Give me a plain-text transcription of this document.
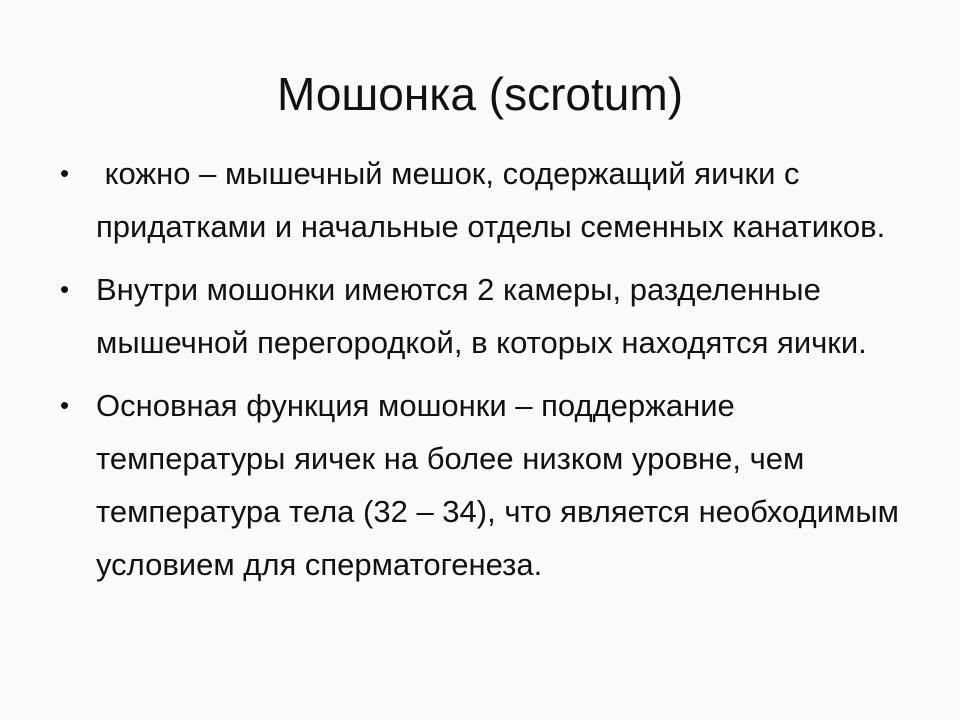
Мошонка (scrotum)
• кожно – мышечный мешок, содержащий яички с придатками и начальные отделы семенных канатиков.
• Внутри мошонки имеются 2 камеры, разделенные мышечной перегородкой, в которых находятся яички.
• Основная функция мошонки – поддержание температуры яичек на более низком уровне, чем температура тела (32 – 34), что является необходимым условием для сперматогенеза.
